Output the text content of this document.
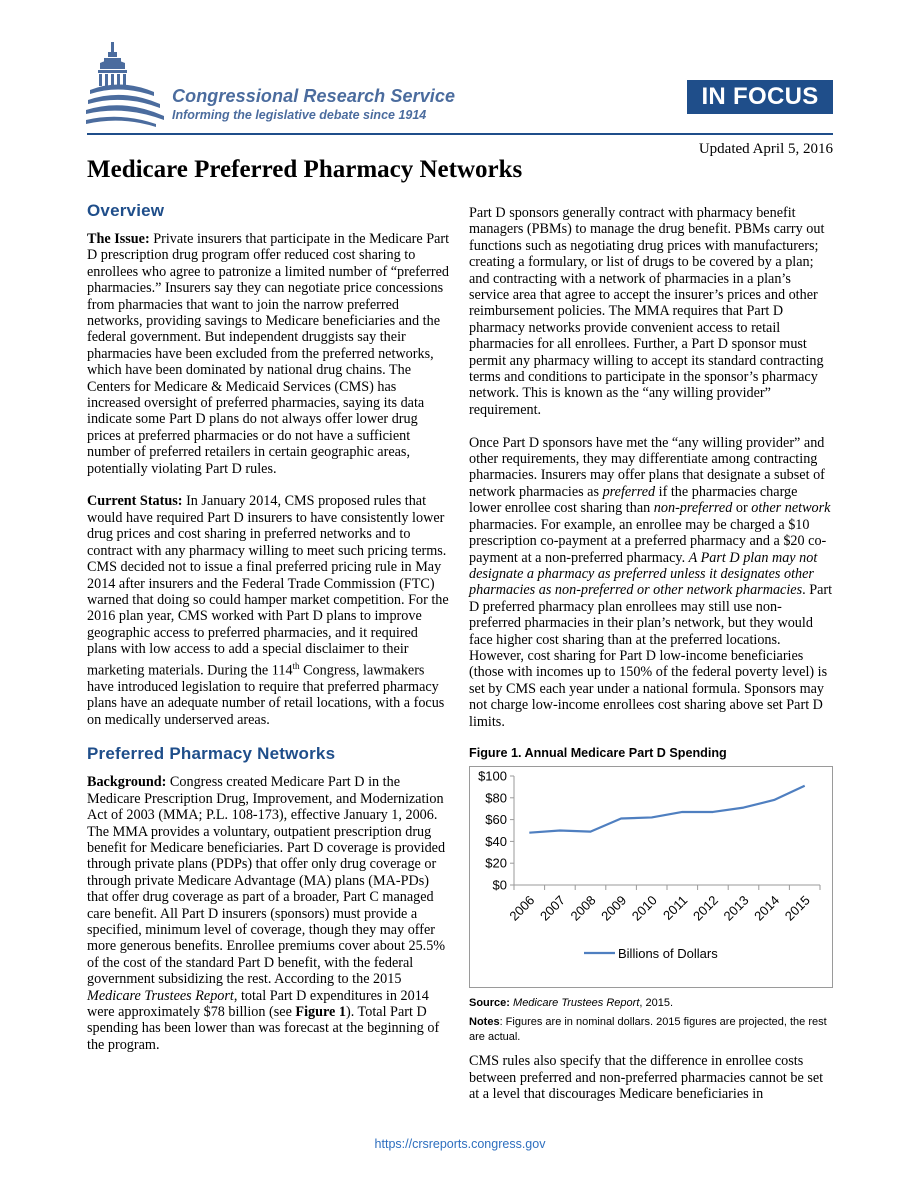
Congressional Research Service
Informing the legislative debate since 1914
IN FOCUS
Updated April 5, 2016
Medicare Preferred Pharmacy Networks
Overview

The Issue: Private insurers that participate in the Medicare Part D prescription drug program offer reduced cost sharing to enrollees who agree to patronize a limited number of “preferred pharmacies.” Insurers say they can negotiate price concessions from pharmacies that want to join the narrow preferred networks, providing savings to Medicare beneficiaries and the federal government. But independent druggists say their pharmacies have been excluded from the preferred networks, which have been dominated by national drug chains. The Centers for Medicare & Medicaid Services (CMS) has increased oversight of preferred pharmacies, saying its data indicate some Part D plans do not always offer lower drug prices at preferred pharmacies or do not have a sufficient number of preferred retailers in certain geographic areas, potentially violating Part D rules.

Current Status: In January 2014, CMS proposed rules that would have required Part D insurers to have consistently lower drug prices and cost sharing in preferred networks and to contract with any pharmacy willing to meet such pricing terms. CMS decided not to issue a final preferred pricing rule in May 2014 after insurers and the Federal Trade Commission (FTC) warned that doing so could hamper market competition. For the 2016 plan year, CMS worked with Part D plans to improve geographic access to preferred pharmacies, and it required plans with low access to add a special disclaimer to their marketing materials. During the 114th Congress, lawmakers have introduced legislation to require that preferred pharmacy plans have an adequate number of retail locations, with a focus on medically underserved areas.

Preferred Pharmacy Networks

Background: Congress created Medicare Part D in the Medicare Prescription Drug, Improvement, and Modernization Act of 2003 (MMA; P.L. 108-173), effective January 1, 2006. The MMA provides a voluntary, outpatient prescription drug benefit for Medicare beneficiaries. Part D coverage is provided through private plans (PDPs) that offer only drug coverage or through private Medicare Advantage (MA) plans (MA-PDs) that offer drug coverage as part of a broader, Part C managed care benefit. All Part D insurers (sponsors) must provide a specified, minimum level of coverage, though they may offer more generous benefits. Enrollee premiums cover about 25.5% of the cost of the standard Part D benefit, with the federal government subsidizing the rest. According to the 2015 Medicare Trustees Report, total Part D expenditures in 2014 were approximately $78 billion (see Figure 1). Total Part D spending has been lower than was forecast at the beginning of the program.

Part D sponsors generally contract with pharmacy benefit managers (PBMs) to manage the drug benefit. PBMs carry out functions such as negotiating drug prices with manufacturers; creating a formulary, or list of drugs to be covered by a plan; and contracting with a network of pharmacies in a plan’s service area that agree to accept the insurer’s prices and other reimbursement policies. The MMA requires that Part D pharmacy networks provide convenient access to retail pharmacies for all enrollees. Further, a Part D sponsor must permit any pharmacy willing to accept its standard contracting terms and conditions to participate in the sponsor’s pharmacy network. This is known as the “any willing provider” requirement.

Once Part D sponsors have met the “any willing provider” and other requirements, they may differentiate among contracting pharmacies. Insurers may offer plans that designate a subset of network pharmacies as preferred if the pharmacies charge lower enrollee cost sharing than non-preferred or other network pharmacies. For example, an enrollee may be charged a $10 prescription co-payment at a preferred pharmacy and a $20 co-payment at a non-preferred pharmacy. A Part D plan may not designate a pharmacy as preferred unless it designates other pharmacies as non-preferred or other network pharmacies. Part D preferred pharmacy plan enrollees may still use non-preferred pharmacies in their plan’s network, but they would face higher cost sharing than at the preferred locations. However, cost sharing for Part D low-income beneficiaries (those with incomes up to 150% of the federal poverty level) is set by CMS each year under a national formula. Sponsors may not charge low-income enrollees cost sharing above set Part D limits.

Figure 1. Annual Medicare Part D Spending
$0
$20
$40
$60
$80
$100
2006 2007 2008 2009 2010 2011 2012 2013 2014 2015
Billions of Dollars
Source: Medicare Trustees Report, 2015.
Notes: Figures are in nominal dollars. 2015 figures are projected, the rest are actual.

CMS rules also specify that the difference in enrollee costs between preferred and non-preferred pharmacies cannot be set at a level that discourages Medicare beneficiaries in

https://crsreports.congress.gov
